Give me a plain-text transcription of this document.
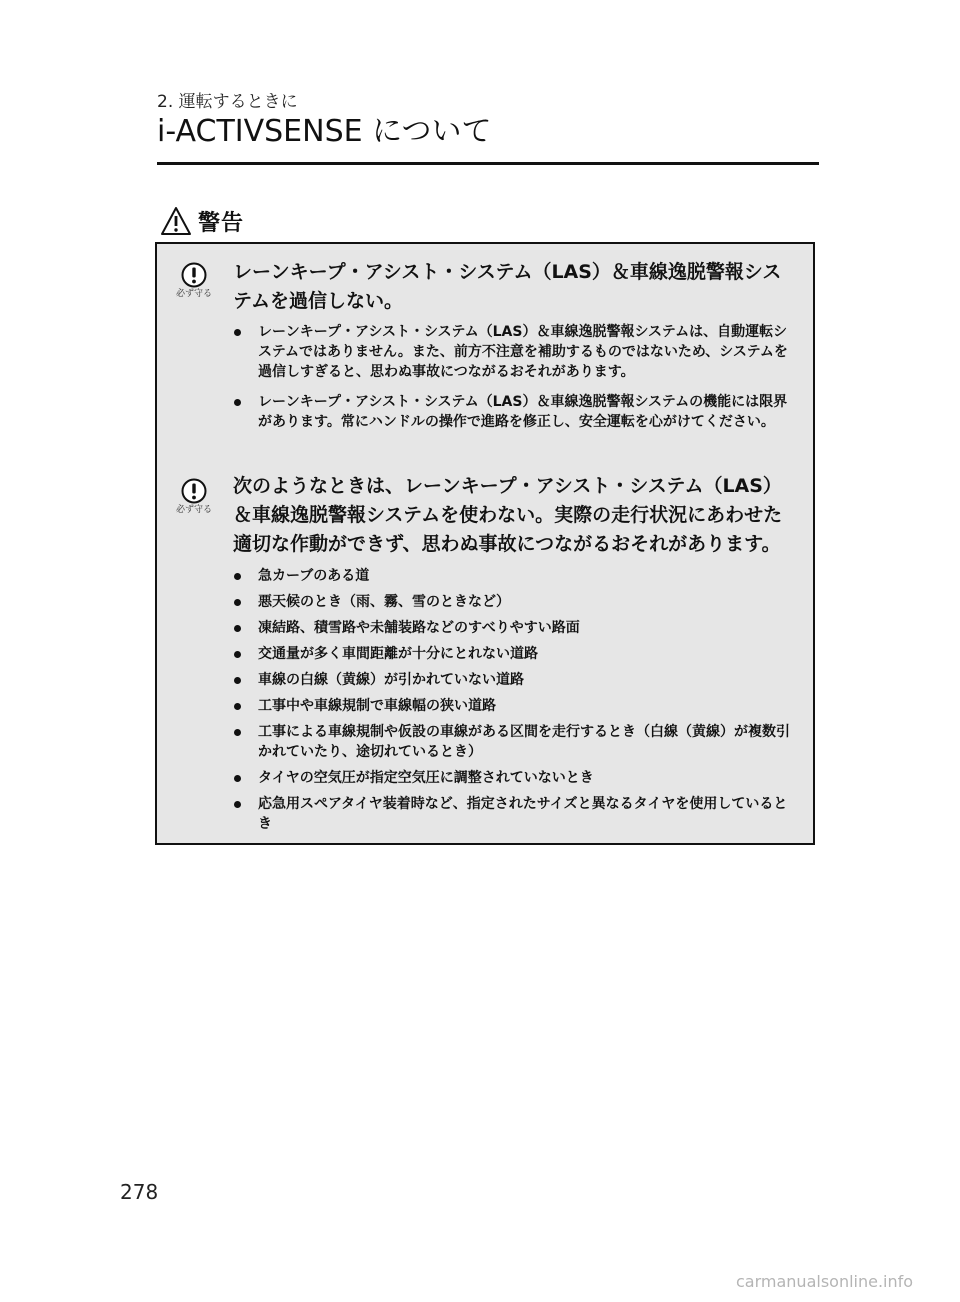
2. 運転するときに
i-ACTIVSENSE について
警告
必ず守る
レーンキープ・アシスト・システム（LAS）＆車線逸脱警報シス
テムを過信しない。
レーンキープ・アシスト・システム（LAS）＆車線逸脱警報システムは、自動運転システムではありません。また、前方不注意を補助するものではないため、システムを過信しすぎると、思わぬ事故につながるおそれがあります。
レーンキープ・アシスト・システム（LAS）＆車線逸脱警報システムの機能には限界があります。常にハンドルの操作で進路を修正し、安全運転を心がけてください。
必ず守る
次のようなときは、レーンキープ・アシスト・システム（LAS）
＆車線逸脱警報システムを使わない。実際の走行状況にあわせた
適切な作動ができず、思わぬ事故につながるおそれがあります。
急カーブのある道
悪天候のとき（雨、霧、雪のときなど）
凍結路、積雪路や未舗装路などのすべりやすい路面
交通量が多く車間距離が十分にとれない道路
車線の白線（黄線）が引かれていない道路
工事中や車線規制で車線幅の狭い道路
工事による車線規制や仮設の車線がある区間を走行するとき（白線（黄線）が複数引かれていたり、途切れているとき）
タイヤの空気圧が指定空気圧に調整されていないとき
応急用スペアタイヤ装着時など、指定されたサイズと異なるタイヤを使用しているとき
278
carmanualsonline.info
